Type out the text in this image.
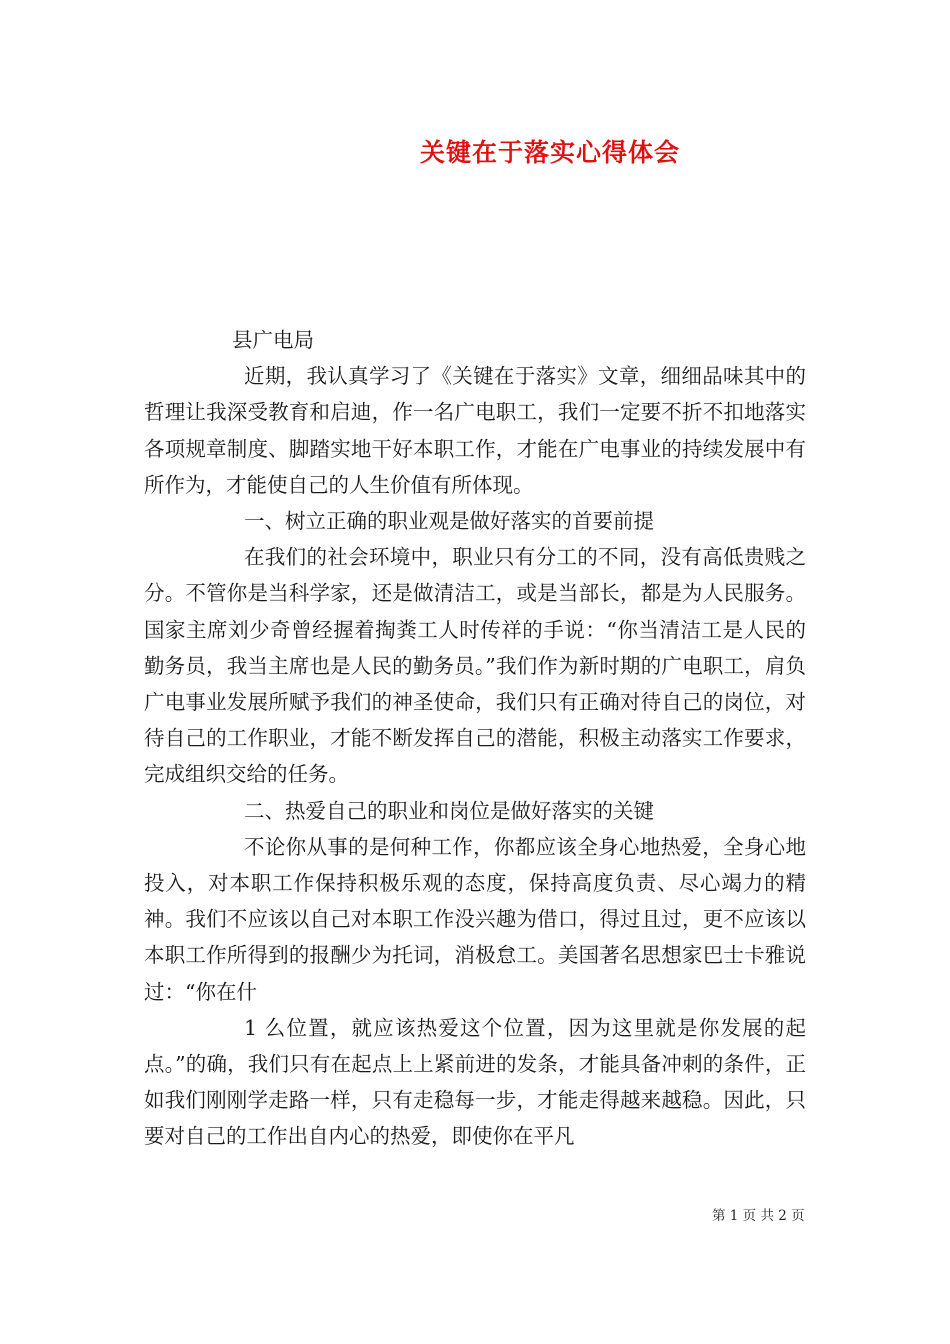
关键在于落实心得体会

县广电局

近期，我认真学习了《关键在于落实》文章，细细品味其中的哲理让我深受教育和启迪，作一名广电职工，我们一定要不折不扣地落实各项规章制度、脚踏实地干好本职工作，才能在广电事业的持续发展中有所作为，才能使自己的人生价值有所体现。

一、树立正确的职业观是做好落实的首要前提

在我们的社会环境中，职业只有分工的不同，没有高低贵贱之分。不管你是当科学家，还是做清洁工，或是当部长，都是为人民服务。国家主席刘少奇曾经握着掏粪工人时传祥的手说：“你当清洁工是人民的勤务员，我当主席也是人民的勤务员。”我们作为新时期的广电职工，肩负广电事业发展所赋予我们的神圣使命，我们只有正确对待自己的岗位，对待自己的工作职业，才能不断发挥自己的潜能，积极主动落实工作要求，完成组织交给的任务。

二、热爱自己的职业和岗位是做好落实的关键

不论你从事的是何种工作，你都应该全身心地热爱，全身心地投入，对本职工作保持积极乐观的态度，保持高度负责、尽心竭力的精神。我们不应该以自己对本职工作没兴趣为借口，得过且过，更不应该以本职工作所得到的报酬少为托词，消极怠工。美国著名思想家巴士卡雅说过：“你在什

1 么位置，就应该热爱这个位置，因为这里就是你发展的起点。”的确，我们只有在起点上上紧前进的发条，才能具备冲刺的条件，正如我们刚刚学走路一样，只有走稳每一步，才能走得越来越稳。因此，只要对自己的工作出自内心的热爱，即使你在平凡

第 1 页 共 2 页
